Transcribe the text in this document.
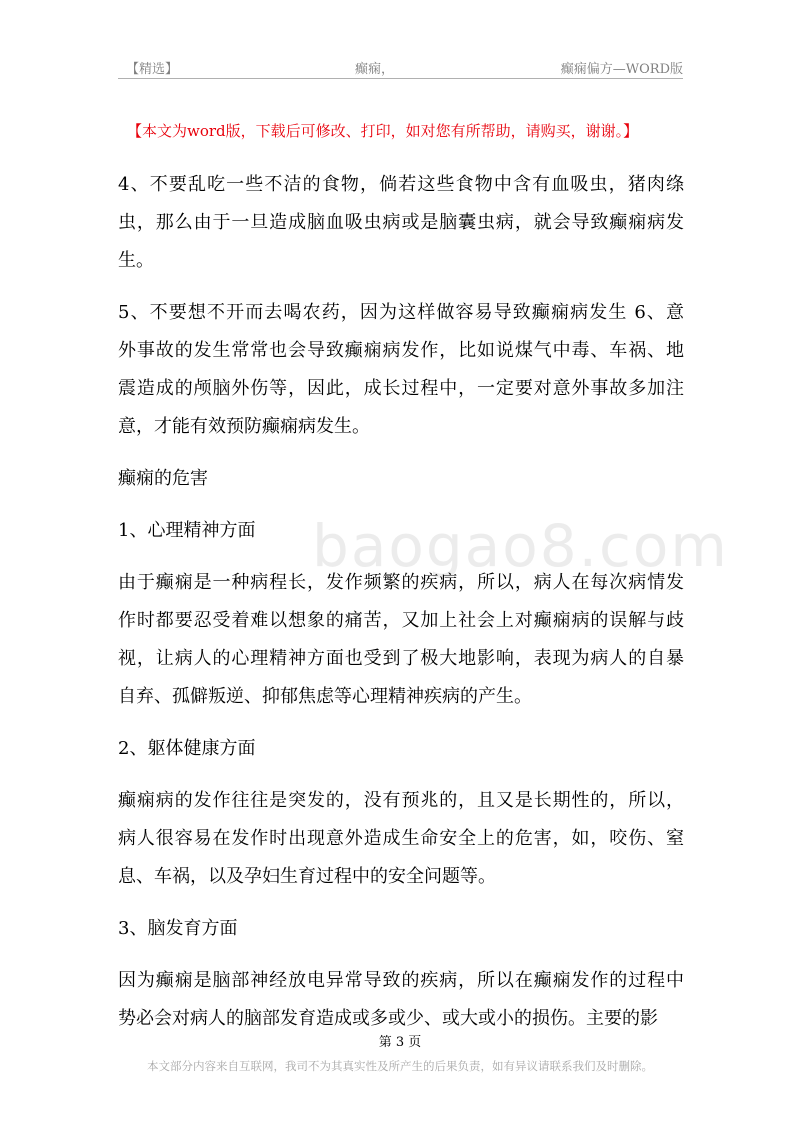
【精选】	癫痫，	癫痫偏方—WORD版
【本文为word版，下载后可修改、打印，如对您有所帮助，请购买，谢谢。】
baogao8.com
4、不要乱吃一些不洁的食物，倘若这些食物中含有血吸虫，猪肉绦
虫，那么由于一旦造成脑血吸虫病或是脑囊虫病，就会导致癫痫病发
生。
5、不要想不开而去喝农药，因为这样做容易导致癫痫病发生 6、意
外事故的发生常常也会导致癫痫病发作，比如说煤气中毒、车祸、地
震造成的颅脑外伤等，因此，成长过程中，一定要对意外事故多加注
意，才能有效预防癫痫病发生。
癫痫的危害
1、心理精神方面
由于癫痫是一种病程长，发作频繁的疾病，所以，病人在每次病情发
作时都要忍受着难以想象的痛苦，又加上社会上对癫痫病的误解与歧
视，让病人的心理精神方面也受到了极大地影响，表现为病人的自暴
自弃、孤僻叛逆、抑郁焦虑等心理精神疾病的产生。
2、躯体健康方面
癫痫病的发作往往是突发的，没有预兆的，且又是长期性的，所以，
病人很容易在发作时出现意外造成生命安全上的危害，如，咬伤、窒
息、车祸，以及孕妇生育过程中的安全问题等。
3、脑发育方面
因为癫痫是脑部神经放电异常导致的疾病，所以在癫痫发作的过程中
势必会对病人的脑部发育造成或多或少、或大或小的损伤。主要的影
第 3 页
本文部分内容来自互联网，我司不为其真实性及所产生的后果负责，如有异议请联系我们及时删除。
